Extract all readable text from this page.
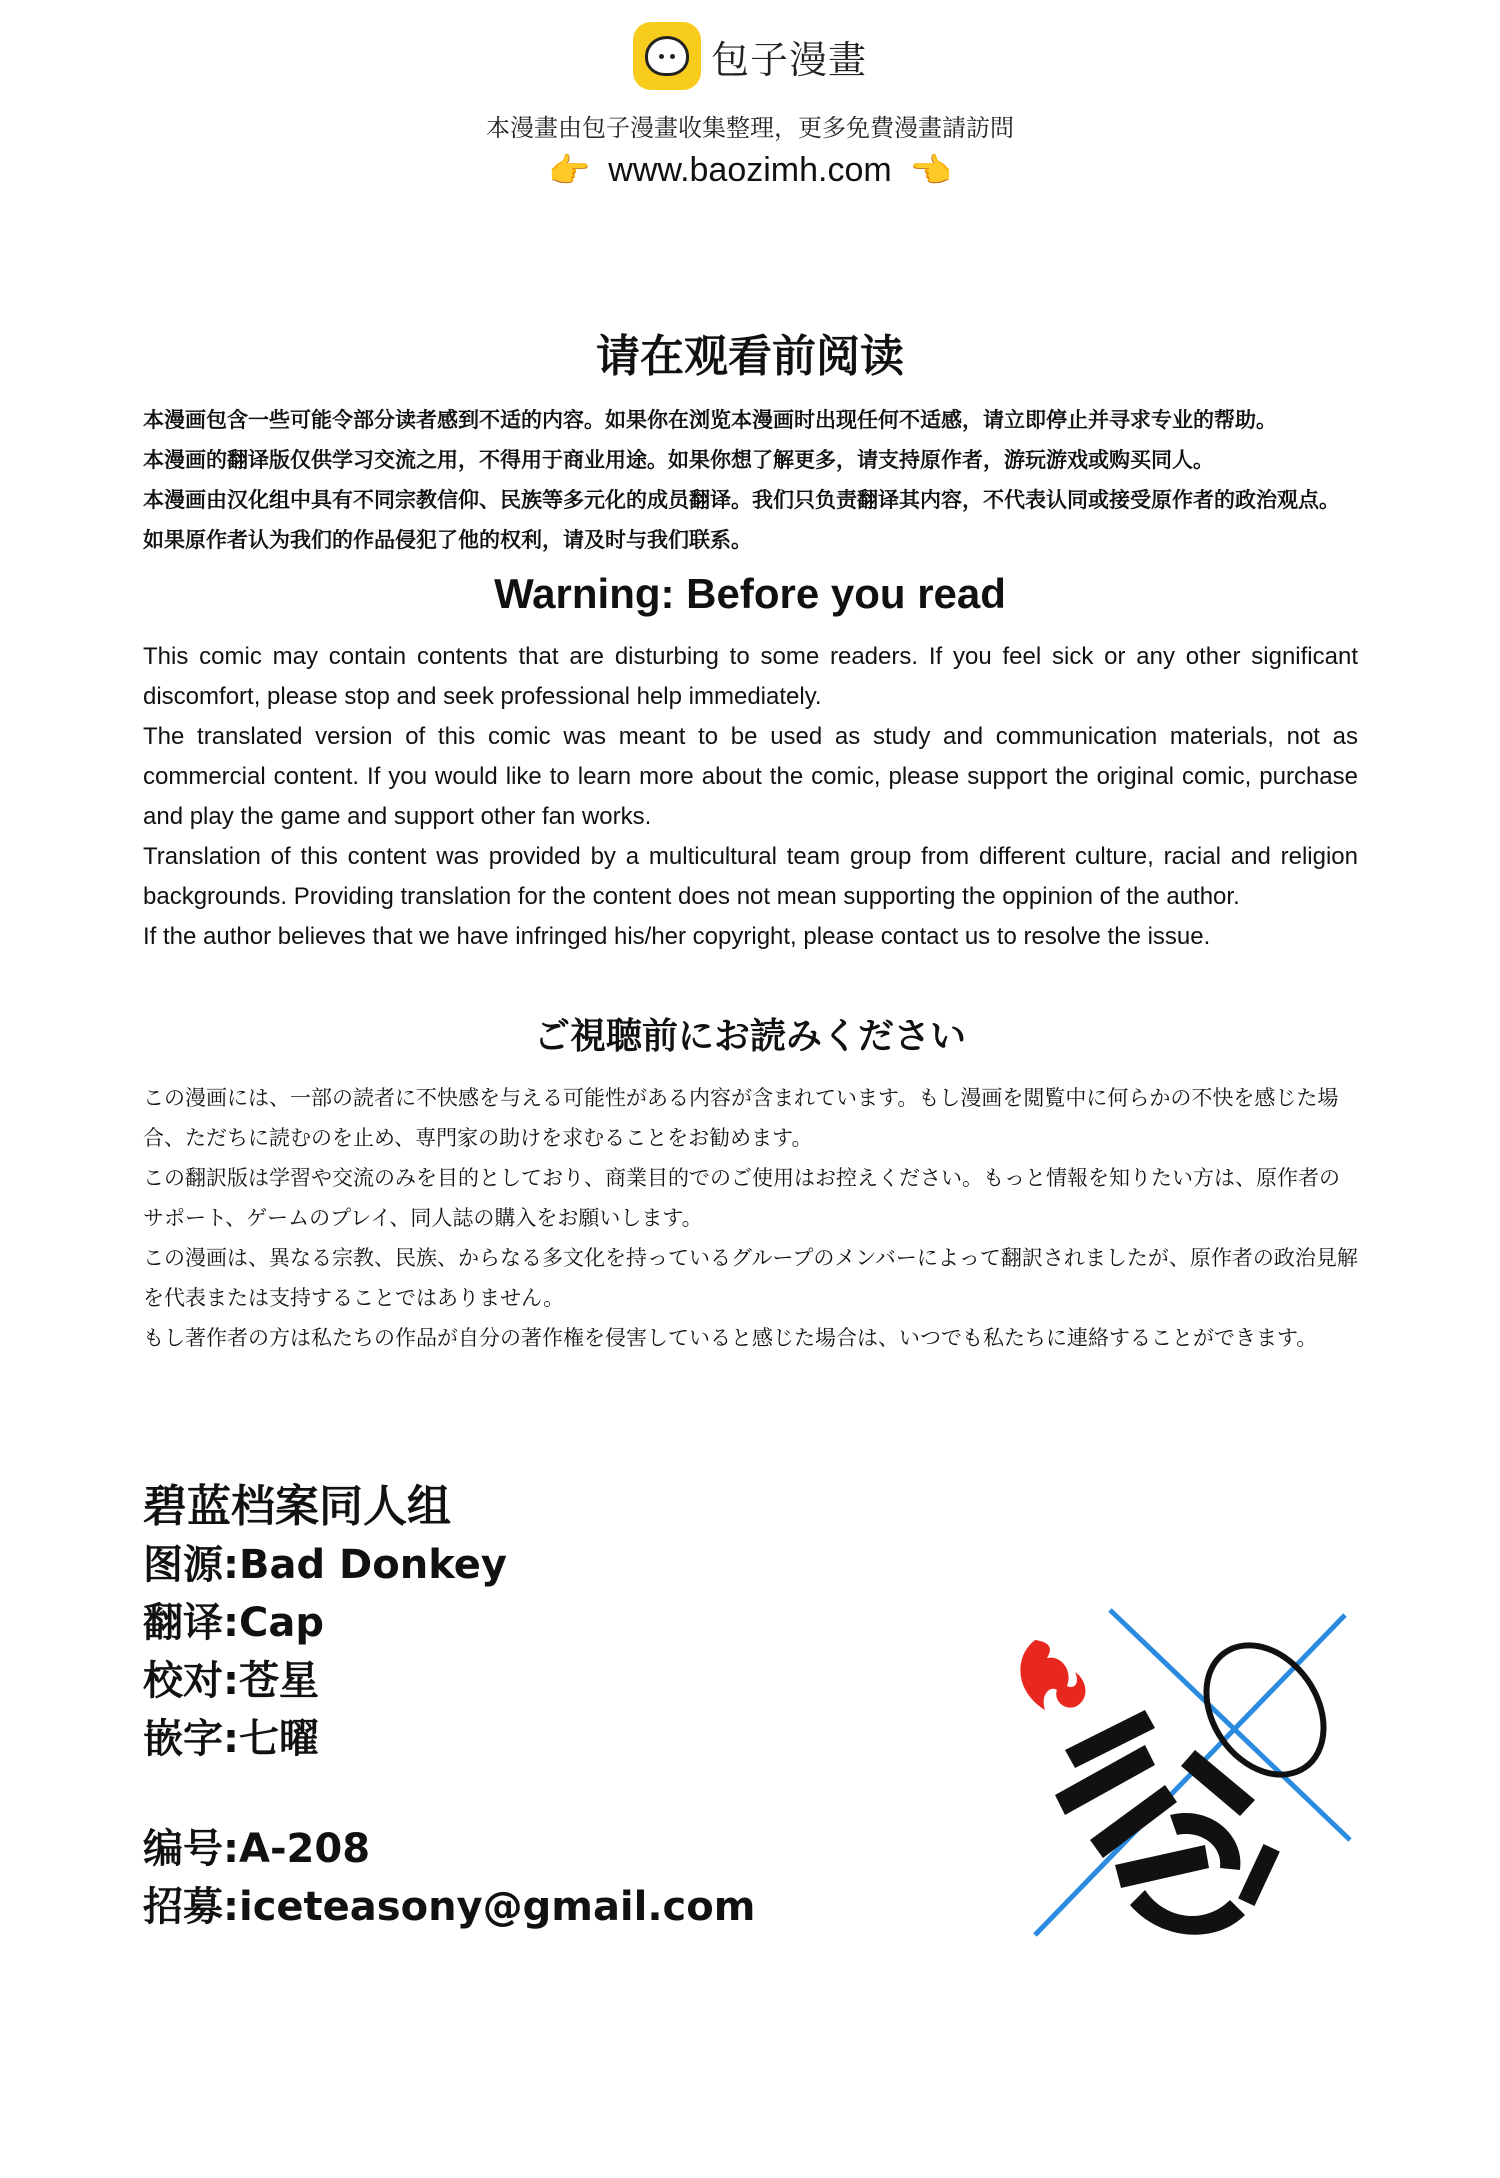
包子漫畫
本漫畫由包子漫畫收集整理，更多免費漫畫請訪問
👉 www.baozimh.com 👈
请在观看前阅读

本漫画包含一些可能令部分读者感到不适的内容。如果你在浏览本漫画时出现任何不适感，请立即停止并寻求专业的帮助。

本漫画的翻译版仅供学习交流之用，不得用于商业用途。如果你想了解更多，请支持原作者，游玩游戏或购买同人。

本漫画由汉化组中具有不同宗教信仰、民族等多元化的成员翻译。我们只负责翻译其内容，不代表认同或接受原作者的政治观点。

如果原作者认为我们的作品侵犯了他的权利，请及时与我们联系。

Warning: Before you read

This comic may contain contents that are disturbing to some readers. If you feel sick or any other significant discomfort, please stop and seek professional help immediately.

The translated version of this comic was meant to be used as study and communication materials, not as commercial content. If you would like to learn more about the comic, please support the original comic, purchase and play the game and support other fan works.

Translation of this content was provided by a multicultural team group from different culture, racial and religion backgrounds. Providing translation for the content does not mean supporting the oppinion of the author.

If the author believes that we have infringed his/her copyright, please contact us to resolve the issue.

ご視聴前にお読みください

この漫画には、一部の読者に不快感を与える可能性がある内容が含まれています。もし漫画を閲覧中に何らかの不快を感じた場合、ただちに読むのを止め、専門家の助けを求むることをお勧めます。

この翻訳版は学習や交流のみを目的としており、商業目的でのご使用はお控えください。もっと情報を知りたい方は、原作者のサポート、ゲームのプレイ、同人誌の購入をお願いします。

この漫画は、異なる宗教、民族、からなる多文化を持っているグループのメンバーによって翻訳されましたが、原作者の政治見解を代表または支持することではありません。

もし著作者の方は私たちの作品が自分の著作権を侵害していると感じた場合は、いつでも私たちに連絡することができます。

碧蓝档案同人组
图源:Bad Donkey
翻译:Cap
校对:苍星
嵌字:七曜
编号:A-208
招募:iceteasony@gmail.com
